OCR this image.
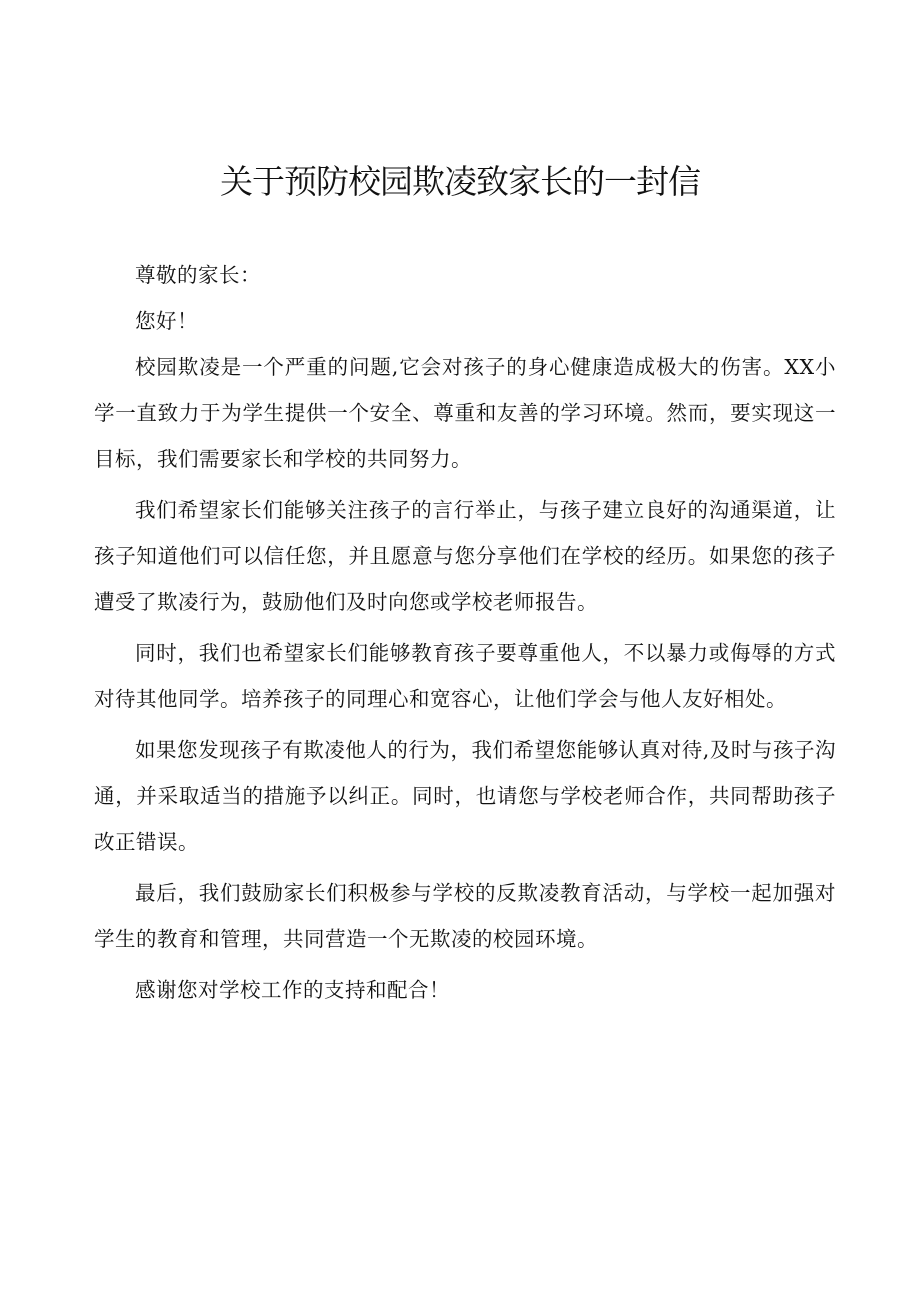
关于预防校园欺凌致家长的一封信

尊敬的家长：

您好！

校园欺凌是一个严重的问题,它会对孩子的身心健康造成极大的伤害。XX小学一直致力于为学生提供一个安全、尊重和友善的学习环境。然而，要实现这一目标，我们需要家长和学校的共同努力。

我们希望家长们能够关注孩子的言行举止，与孩子建立良好的沟通渠道，让孩子知道他们可以信任您，并且愿意与您分享他们在学校的经历。如果您的孩子遭受了欺凌行为，鼓励他们及时向您或学校老师报告。

同时，我们也希望家长们能够教育孩子要尊重他人，不以暴力或侮辱的方式对待其他同学。培养孩子的同理心和宽容心，让他们学会与他人友好相处。

如果您发现孩子有欺凌他人的行为，我们希望您能够认真对待,及时与孩子沟通，并采取适当的措施予以纠正。同时，也请您与学校老师合作，共同帮助孩子改正错误。

最后，我们鼓励家长们积极参与学校的反欺凌教育活动，与学校一起加强对学生的教育和管理，共同营造一个无欺凌的校园环境。

感谢您对学校工作的支持和配合！
